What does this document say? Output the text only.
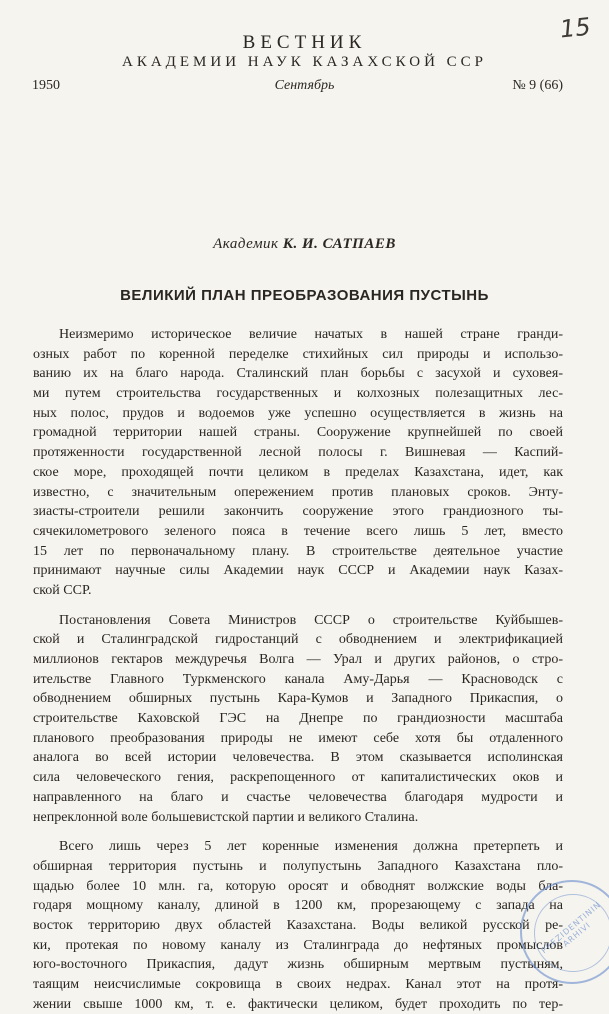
15
ВЕСТНИК
АКАДЕМИИ НАУК КАЗАХСКОЙ ССР
1950	Сентябрь	№ 9 (66)
Академик К. И. САТПАЕВ
ВЕЛИКИЙ ПЛАН ПРЕОБРАЗОВАНИЯ ПУСТЫНЬ
Неизмеримо историческое величие начатых в нашей стране гранди-
озных работ по коренной переделке стихийных сил природы и использо-
ванию их на благо народа. Сталинский план борьбы с засухой и суховея-
ми путем строительства государственных и колхозных полезащитных лес-
ных полос, прудов и водоемов уже успешно осуществляется в жизнь на
громадной территории нашей страны. Сооружение крупнейшей по своей
протяженности государственной лесной полосы г. Вишневая — Каспий-
ское море, проходящей почти целиком в пределах Казахстана, идет, как
известно, с значительным опережением против плановых сроков. Энту-
зиасты-строители решили закончить сооружение этого грандиозного ты-
сячекилометрового зеленого пояса в течение всего лишь 5 лет, вместо
15 лет по первоначальному плану. В строительстве деятельное участие
принимают научные силы Академии наук СССР и Академии наук Казах-
ской ССР.
Постановления Совета Министров СССР о строительстве Куйбышев-
ской и Сталинградской гидростанций с обводнением и электрификацией
миллионов гектаров междуречья Волга — Урал и других районов, о стро-
ительстве Главного Туркменского канала Аму-Дарья — Красноводск с
обводнением обширных пустынь Кара-Кумов и Западного Прикаспия, о
строительстве Каховской ГЭС на Днепре по грандиозности масштаба
планового преобразования природы не имеют себе хотя бы отдаленного
аналога во всей истории человечества. В этом сказывается исполинская
сила человеческого гения, раскрепощенного от капиталистических оков и
направленного на благо и счастье человечества благодаря мудрости и
непреклонной воле большевистской партии и великого Сталина.
Всего лишь через 5 лет коренные изменения должна претерпеть и
обширная территория пустынь и полупустынь Западного Казахстана пло-
щадью более 10 млн. га, которую оросят и обводнят волжские воды бла-
годаря мощному каналу, длиной в 1200 км, прорезающему с запада на
восток территорию двух областей Казахстана. Воды великой русской ре-
ки, протекая по новому каналу из Сталинграда до нефтяных промыслов
юго-восточного Прикаспия, дадут жизнь обширным мертвым пустыням,
таящим неисчислимые сокровища в своих недрах. Канал этот на протя-
жении свыше 1000 км, т. е. фактически целиком, будет проходить по тер-
PREZIDENTININ ARHIVI
